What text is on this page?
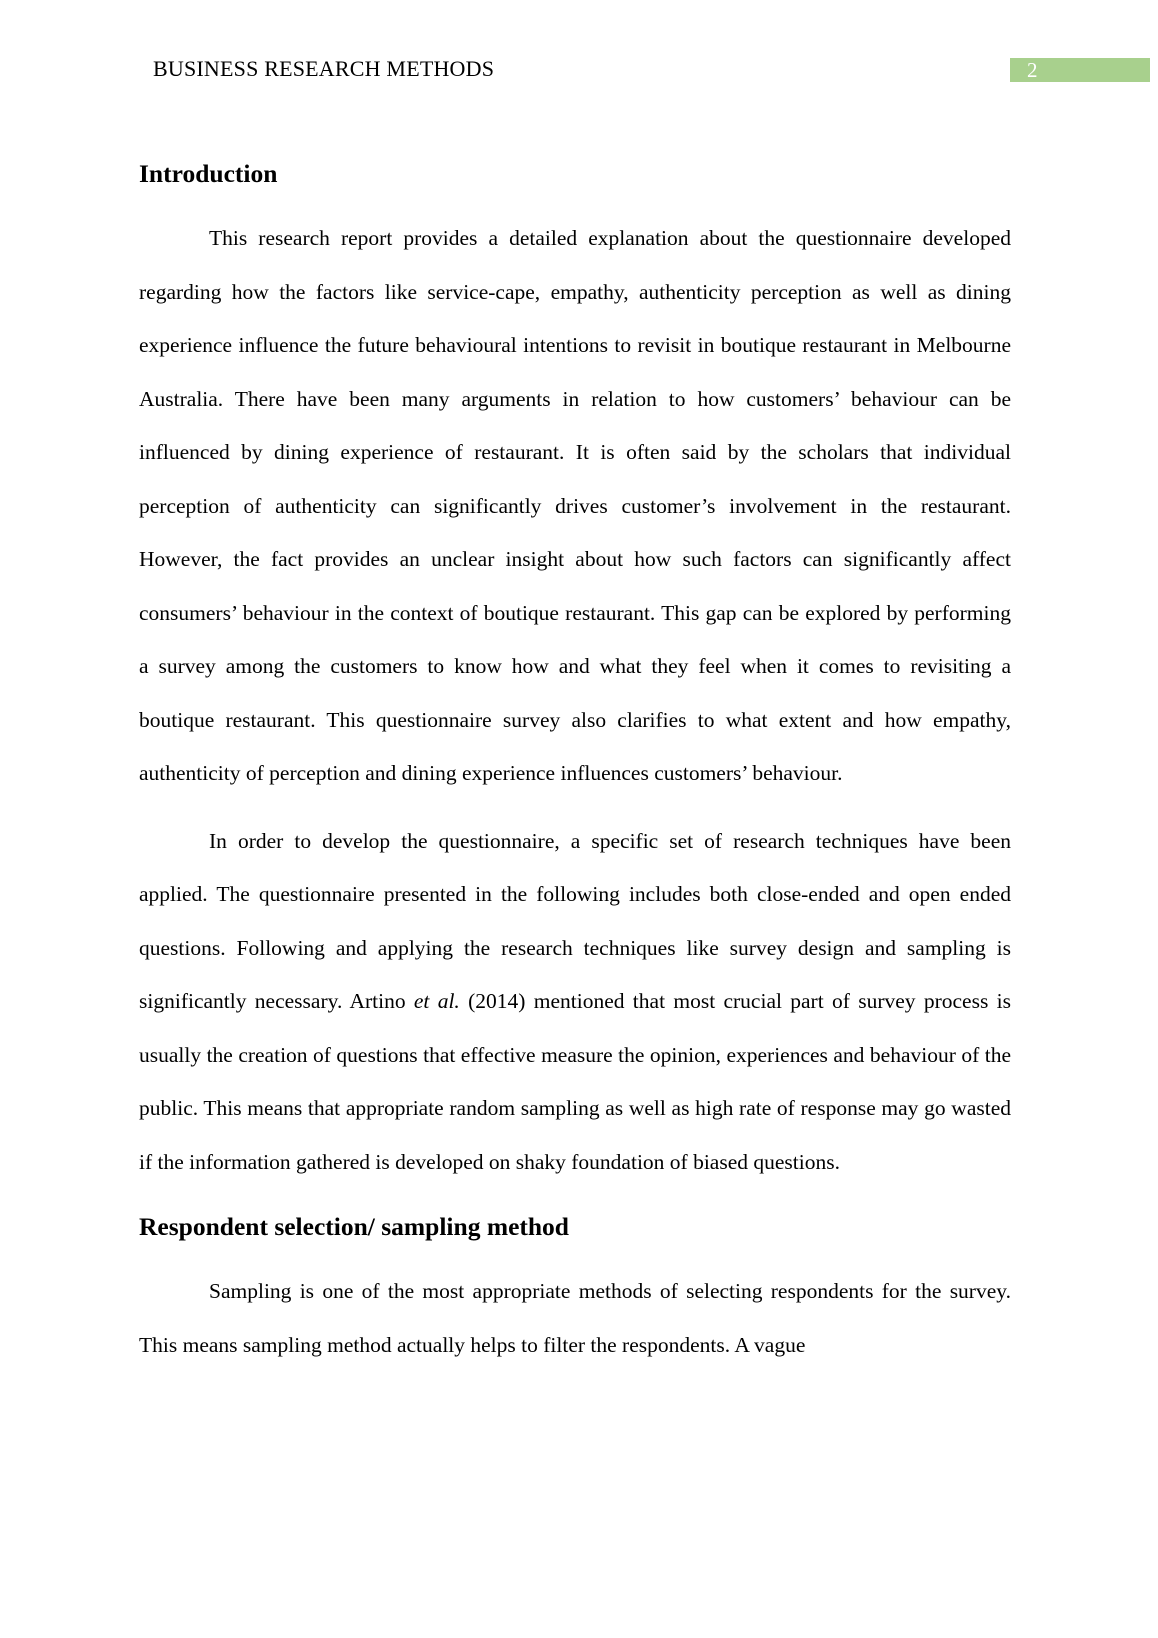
BUSINESS RESEARCH METHODS	2
Introduction

This research report provides a detailed explanation about the questionnaire developed regarding how the factors like service-cape, empathy, authenticity perception as well as dining experience influence the future behavioural intentions to revisit in boutique restaurant in Melbourne Australia. There have been many arguments in relation to how customers’ behaviour can be influenced by dining experience of restaurant. It is often said by the scholars that individual perception of authenticity can significantly drives customer’s involvement in the restaurant. However, the fact provides an unclear insight about how such factors can significantly affect consumers’ behaviour in the context of boutique restaurant. This gap can be explored by performing a survey among the customers to know how and what they feel when it comes to revisiting a boutique restaurant. This questionnaire survey also clarifies to what extent and how empathy, authenticity of perception and dining experience influences customers’ behaviour.

In order to develop the questionnaire, a specific set of research techniques have been applied. The questionnaire presented in the following includes both close-ended and open ended questions. Following and applying the research techniques like survey design and sampling is significantly necessary. Artino et al. (2014) mentioned that most crucial part of survey process is usually the creation of questions that effective measure the opinion, experiences and behaviour of the public. This means that appropriate random sampling as well as high rate of response may go wasted if the information gathered is developed on shaky foundation of biased questions.

Respondent selection/ sampling method

Sampling is one of the most appropriate methods of selecting respondents for the survey. This means sampling method actually helps to filter the respondents. A vague
